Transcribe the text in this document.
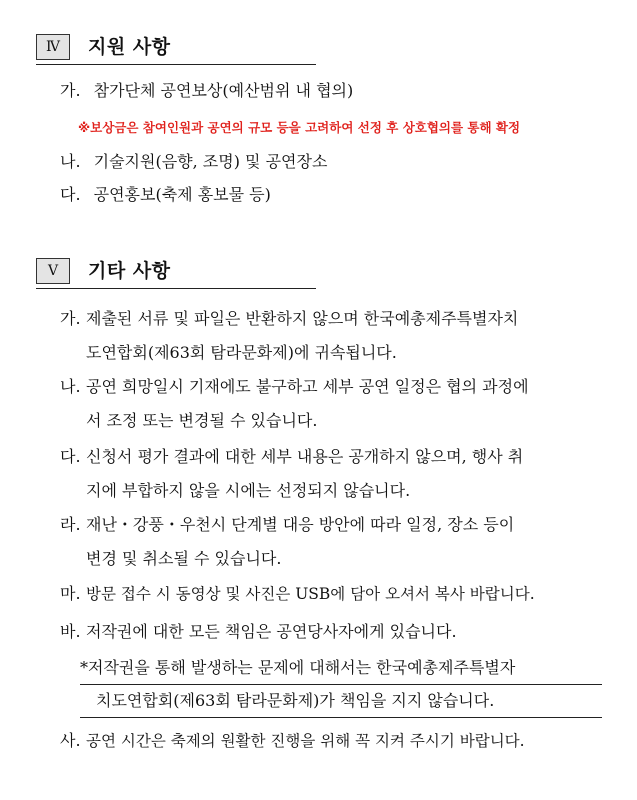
Ⅳ	지원 사항
가. 참가단체 공연보상(예산범위 내 협의)
※보상금은 참여인원과 공연의 규모 등을 고려하여 선정 후 상호협의를 통해 확정
나. 기술지원(음향, 조명) 및 공연장소
다. 공연홍보(축제 홍보물 등)
Ⅴ	기타 사항
가. 제출된 서류 및 파일은 반환하지 않으며 한국예총제주특별자치
도연합회(제63회 탐라문화제)에 귀속됩니다.
나. 공연 희망일시 기재에도 불구하고 세부 공연 일정은 협의 과정에
서 조정 또는 변경될 수 있습니다.
다. 신청서 평가 결과에 대한 세부 내용은 공개하지 않으며, 행사 취
지에 부합하지 않을 시에는 선정되지 않습니다.
라. 재난・강풍・우천시 단계별 대응 방안에 따라 일정, 장소 등이
변경 및 취소될 수 있습니다.
마. 방문 접수 시 동영상 및 사진은 USB에 담아 오셔서 복사 바랍니다.
바. 저작권에 대한 모든 책임은 공연당사자에게 있습니다.
*저작권을 통해 발생하는 문제에 대해서는 한국예총제주특별자
치도연합회(제63회 탐라문화제)가 책임을 지지 않습니다.
사. 공연 시간은 축제의 원활한 진행을 위해 꼭 지켜 주시기 바랍니다.
